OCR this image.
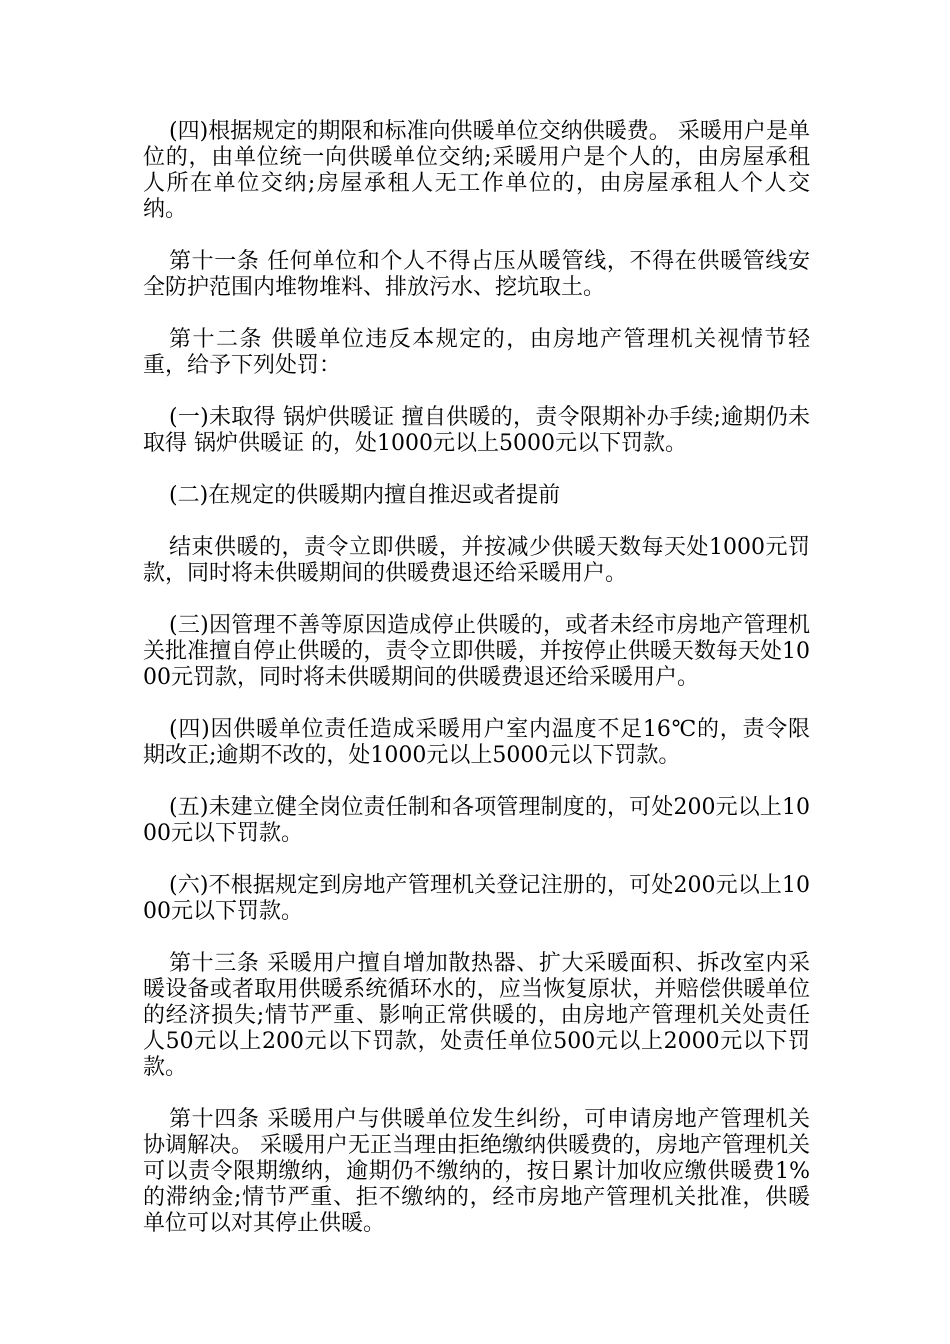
(四)根据规定的期限和标准向供暖单位交纳供暖费。 采暖用户是单位的，由单位统一向供暖单位交纳;采暖用户是个人的，由房屋承租人所在单位交纳;房屋承租人无工作单位的，由房屋承租人个人交纳。

第十一条 任何单位和个人不得占压从暖管线，不得在供暖管线安全防护范围内堆物堆料、排放污水、挖坑取土。

第十二条 供暖单位违反本规定的，由房地产管理机关视情节轻重，给予下列处罚：

(一)未取得 锅炉供暖证 擅自供暖的，责令限期补办手续;逾期仍未取得 锅炉供暖证 的，处1000元以上5000元以下罚款。

(二)在规定的供暖期内擅自推迟或者提前

结束供暖的，责令立即供暖，并按减少供暖天数每天处1000元罚款，同时将未供暖期间的供暖费退还给采暖用户。

(三)因管理不善等原因造成停止供暖的，或者未经市房地产管理机关批准擅自停止供暖的，责令立即供暖，并按停止供暖天数每天处1000元罚款，同时将未供暖期间的供暖费退还给采暖用户。

(四)因供暖单位责任造成采暖用户室内温度不足16℃的，责令限期改正;逾期不改的，处1000元以上5000元以下罚款。

(五)未建立健全岗位责任制和各项管理制度的，可处200元以上1000元以下罚款。

(六)不根据规定到房地产管理机关登记注册的，可处200元以上1000元以下罚款。

第十三条 采暖用户擅自增加散热器、扩大采暖面积、拆改室内采暖设备或者取用供暖系统循环水的，应当恢复原状，并赔偿供暖单位的经济损失;情节严重、影响正常供暖的，由房地产管理机关处责任人50元以上200元以下罚款，处责任单位500元以上2000元以下罚款。

第十四条 采暖用户与供暖单位发生纠纷，可申请房地产管理机关协调解决。 采暖用户无正当理由拒绝缴纳供暖费的，房地产管理机关可以责令限期缴纳，逾期仍不缴纳的，按日累计加收应缴供暖费1%的滞纳金;情节严重、拒不缴纳的，经市房地产管理机关批准，供暖单位可以对其停止供暖。
